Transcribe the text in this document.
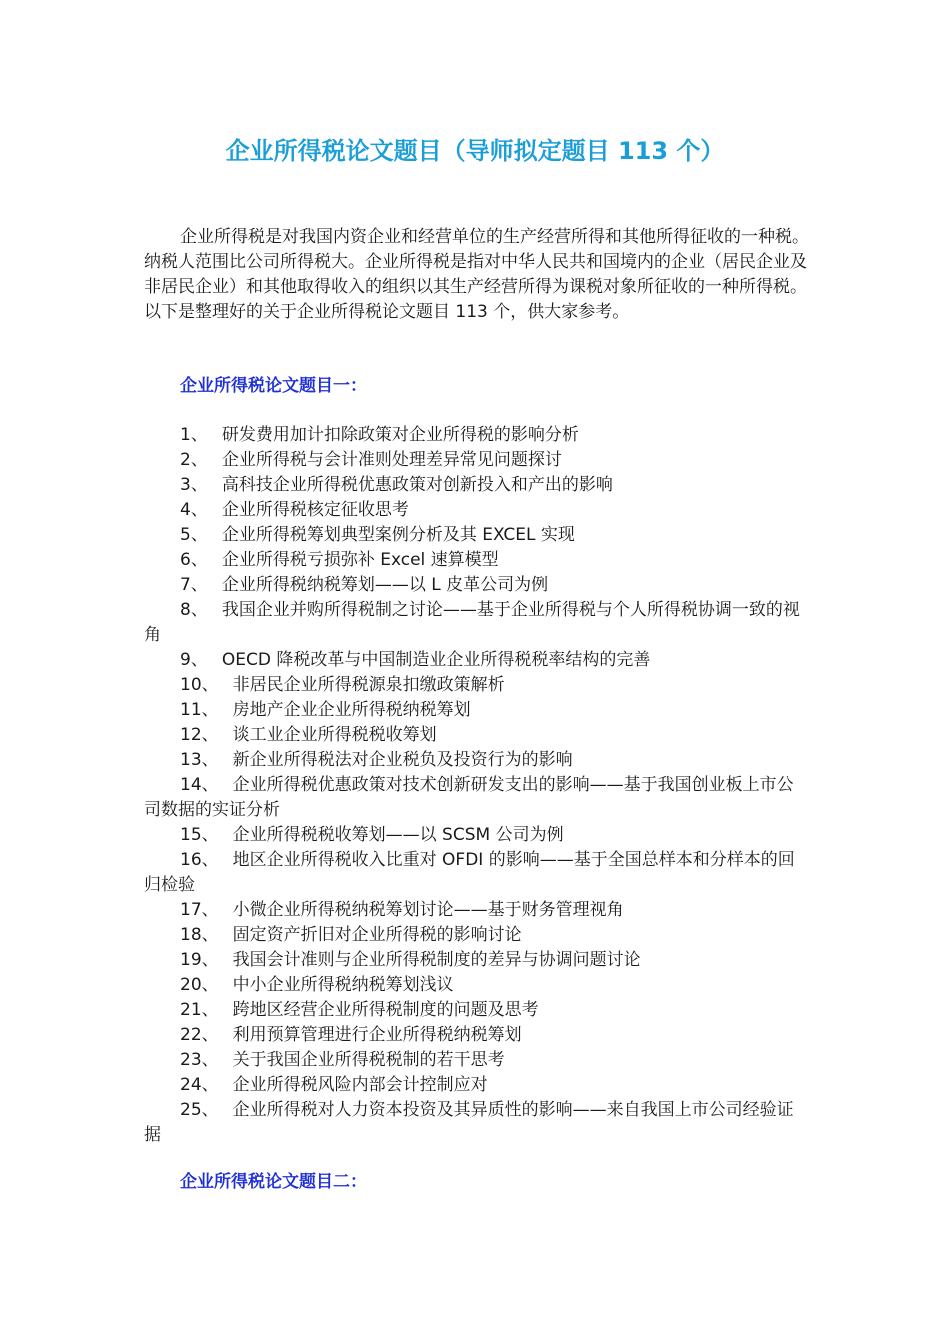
企业所得税论文题目（导师拟定题目 113 个）

企业所得税是对我国内资企业和经营单位的生产经营所得和其他所得征收的一种税。纳税人范围比公司所得税大。企业所得税是指对中华人民共和国境内的企业（居民企业及非居民企业）和其他取得收入的组织以其生产经营所得为课税对象所征收的一种所得税。以下是整理好的关于企业所得税论文题目 113 个，供大家参考。

企业所得税论文题目一：

1、 研发费用加计扣除政策对企业所得税的影响分析
2、 企业所得税与会计准则处理差异常见问题探讨
3、 高科技企业所得税优惠政策对创新投入和产出的影响
4、 企业所得税核定征收思考
5、 企业所得税筹划典型案例分析及其 EXCEL 实现
6、 企业所得税亏损弥补 Excel 速算模型
7、 企业所得税纳税筹划——以 L 皮革公司为例
8、 我国企业并购所得税制之讨论——基于企业所得税与个人所得税协调一致的视角
9、 OECD 降税改革与中国制造业企业所得税税率结构的完善
10、 非居民企业所得税源泉扣缴政策解析
11、 房地产企业企业所得税纳税筹划
12、 谈工业企业所得税税收筹划
13、 新企业所得税法对企业税负及投资行为的影响
14、 企业所得税优惠政策对技术创新研发支出的影响——基于我国创业板上市公司数据的实证分析
15、 企业所得税税收筹划——以 SCSM 公司为例
16、 地区企业所得税收入比重对 OFDI 的影响——基于全国总样本和分样本的回归检验
17、 小微企业所得税纳税筹划讨论——基于财务管理视角
18、 固定资产折旧对企业所得税的影响讨论
19、 我国会计准则与企业所得税制度的差异与协调问题讨论
20、 中小企业所得税纳税筹划浅议
21、 跨地区经营企业所得税制度的问题及思考
22、 利用预算管理进行企业所得税纳税筹划
23、 关于我国企业所得税税制的若干思考
24、 企业所得税风险内部会计控制应对
25、 企业所得税对人力资本投资及其异质性的影响——来自我国上市公司经验证据

企业所得税论文题目二：
